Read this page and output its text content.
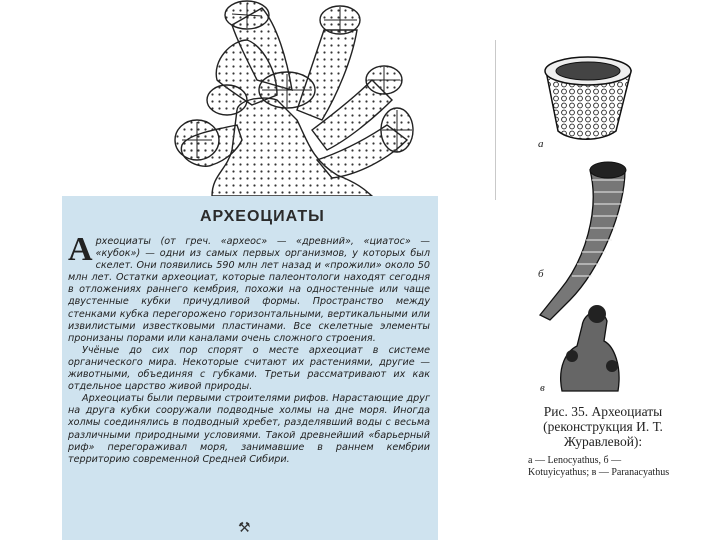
АРХЕОЦИАТЫ

А рхеоциаты (от греч. «археос» — «древний», «циатос» — «кубок») — одни из самых первых организмов, у которых был скелет. Они появились 590 млн лет назад и «прожили» около 50 млн лет. Остатки археоциат, которые палеонтологи находят сегодня в отложениях раннего кембрия, похожи на одностенные или чаще двустенные кубки причудливой формы. Пространство между стенками кубка перегорожено горизонтальными, вертикальными или извилистыми известковыми пластинами. Все скелетные элементы пронизаны порами или каналами очень сложного строения.

Учёные до сих пор спорят о месте археоциат в системе органического мира. Некоторые считают их растениями, другие — животными, объединяя с губками. Третьи рассматривают их как отдельное царство живой природы.

Археоциаты были первыми строителями рифов. Нарастающие друг на друга кубки сооружали подводные холмы на дне моря. Иногда холмы соединялись в подводный хребет, разделявший воды с весьма различными природными условиями. Такой древнейший «барьерный риф» перегораживал моря, занимавшие в раннем кембрии территорию современной Средней Сибири.

⚒
а
б
в
Рис. 35. Археоциаты (реконструкция И. Т. Журавлевой):
а — Lenocyathus, б — Kotuyicyathus; в — Paranacyathus
